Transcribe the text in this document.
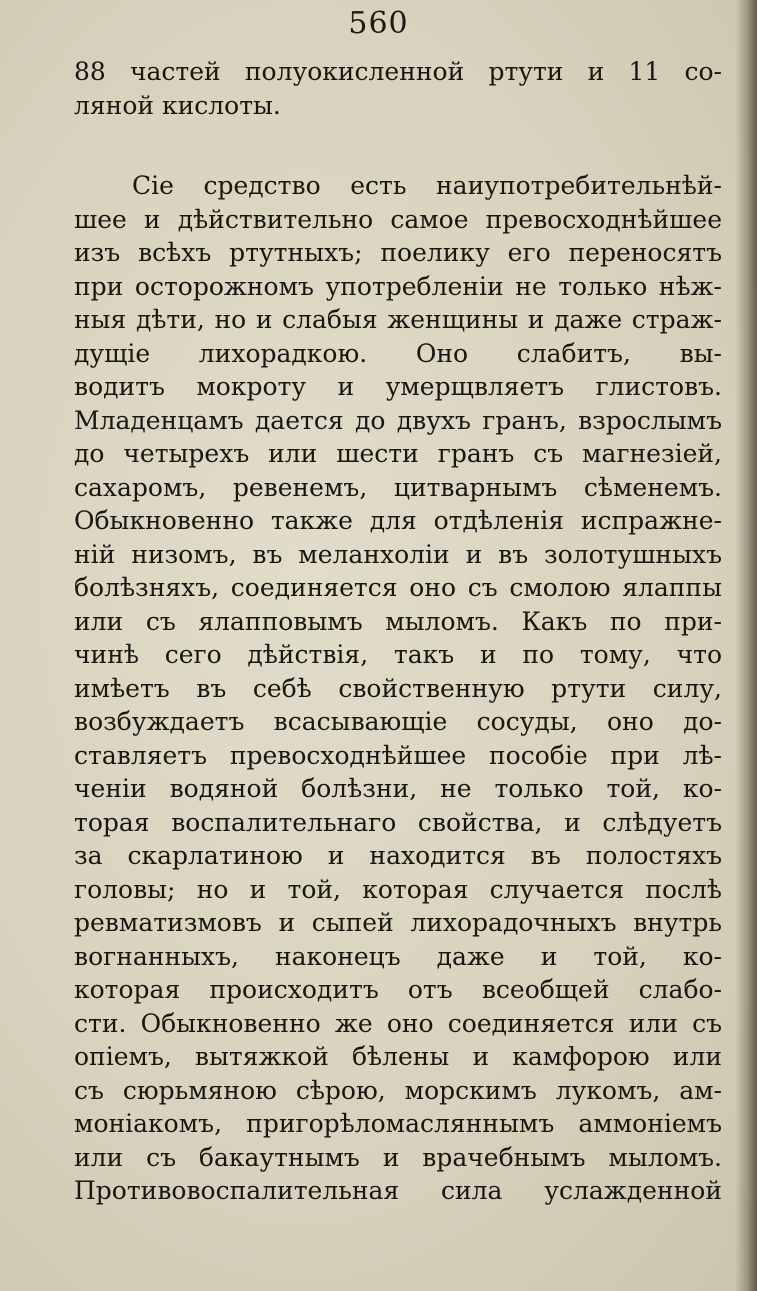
560
88 частей полуокисленной ртути и 11 со-
ляной кислоты.
Сіе средство есть наиупотребительнѣй-
шее и дѣйствительно самое превосходнѣйшее
изъ всѣхъ ртутныхъ; поелику его переносятъ
при осторожномъ употребленіи не только нѣж-
ныя дѣти, но и слабыя женщины и даже страж-
дущіе лихорадкою. Оно слабитъ, вы-
водитъ мокроту и умерщвляетъ глистовъ.
Младенцамъ дается до двухъ гранъ, взрослымъ
до четырехъ или шести гранъ съ магнезіей,
сахаромъ, ревенемъ, цитварнымъ сѣменемъ.
Обыкновенно также для отдѣленія испражне-
ній низомъ, въ меланхоліи и въ золотушныхъ
болѣзняхъ, соединяется оно съ смолою ялаппы
или съ ялапповымъ мыломъ. Какъ по при-
чинѣ сего дѣйствія, такъ и по тому, что
имѣетъ въ себѣ свойственную ртути силу,
возбуждаетъ всасывающіе сосуды, оно до-
ставляетъ превосходнѣйшее пособіе при лѣ-
ченіи водяной болѣзни, не только той, ко-
торая воспалительнаго свойства, и слѣдуетъ
за скарлатиною и находится въ полостяхъ
головы; но и той, которая случается послѣ
ревматизмовъ и сыпей лихорадочныхъ внутрь
вогнанныхъ, наконецъ даже и той, ко-
которая происходитъ отъ всеобщей слабо-
сти. Обыкновенно же оно соединяется или съ
опіемъ, вытяжкой бѣлены и камфорою или
съ сюрьмяною сѣрою, морскимъ лукомъ, ам-
моніакомъ, пригорѣломасляннымъ аммоніемъ
или съ бакаутнымъ и врачебнымъ мыломъ.
Противовоспалительная сила услажденной
